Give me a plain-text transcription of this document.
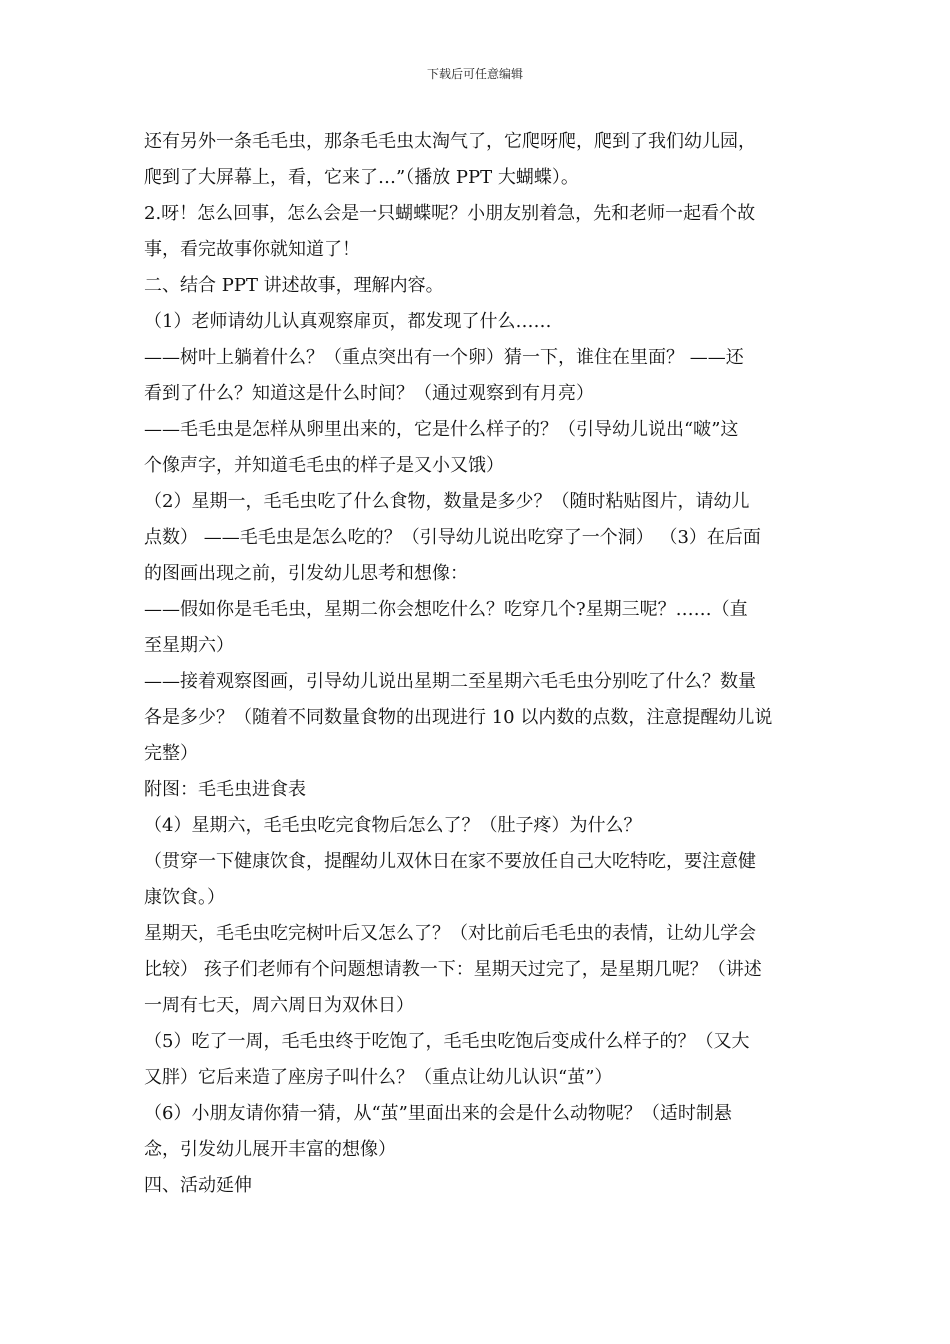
下载后可任意编辑
还有另外一条毛毛虫，那条毛毛虫太淘气了，它爬呀爬，爬到了我们幼儿园，
爬到了大屏幕上，看，它来了…”（播放 PPT 大蝴蝶）。
2.呀！怎么回事，怎么会是一只蝴蝶呢？小朋友别着急，先和老师一起看个故
事，看完故事你就知道了！
二、结合 PPT 讲述故事，理解内容。
（1）老师请幼儿认真观察扉页，都发现了什么……
——树叶上躺着什么？（重点突出有一个卵）猜一下，谁住在里面？ ——还
看到了什么？知道这是什么时间？（通过观察到有月亮）
——毛毛虫是怎样从卵里出来的，它是什么样子的？（引导幼儿说出“啵”这
个像声字，并知道毛毛虫的样子是又小又饿）
（2）星期一，毛毛虫吃了什么食物，数量是多少？（随时粘贴图片，请幼儿
点数） ——毛毛虫是怎么吃的？（引导幼儿说出吃穿了一个洞） （3）在后面
的图画出现之前，引发幼儿思考和想像：
——假如你是毛毛虫，星期二你会想吃什么？吃穿几个?星期三呢？……（直
至星期六）
——接着观察图画，引导幼儿说出星期二至星期六毛毛虫分别吃了什么？数量
各是多少？（随着不同数量食物的出现进行 10 以内数的点数，注意提醒幼儿说
完整）
附图：毛毛虫进食表
（4）星期六，毛毛虫吃完食物后怎么了？（肚子疼）为什么？
（贯穿一下健康饮食，提醒幼儿双休日在家不要放任自己大吃特吃，要注意健
康饮食。）
星期天，毛毛虫吃完树叶后又怎么了？（对比前后毛毛虫的表情，让幼儿学会
比较） 孩子们老师有个问题想请教一下：星期天过完了，是星期几呢？（讲述
一周有七天，周六周日为双休日）
（5）吃了一周，毛毛虫终于吃饱了，毛毛虫吃饱后变成什么样子的？（又大
又胖）它后来造了座房子叫什么？（重点让幼儿认识“茧”）
（6）小朋友请你猜一猜，从“茧”里面出来的会是什么动物呢？（适时制悬
念，引发幼儿展开丰富的想像）
四、活动延伸
